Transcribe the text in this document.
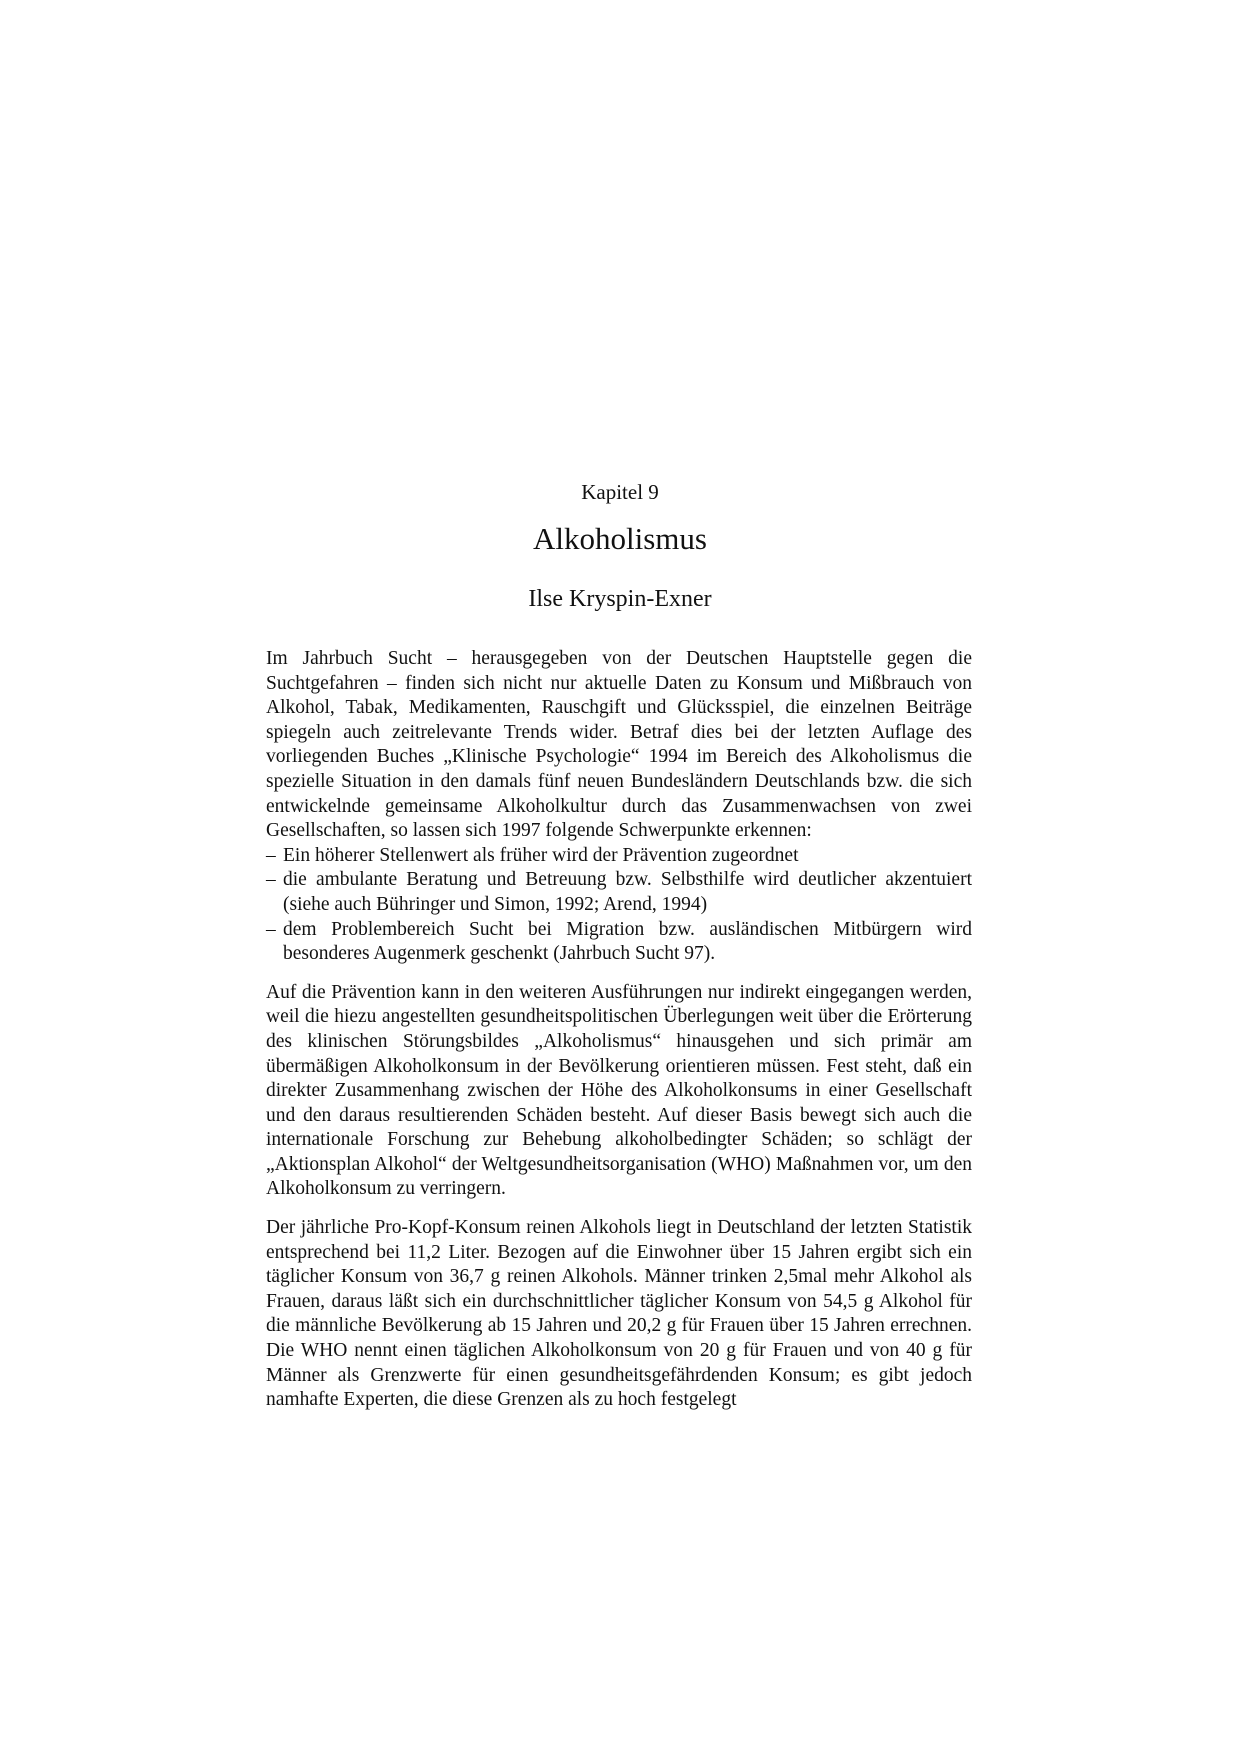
Kapitel 9
Alkoholismus
Ilse Kryspin-Exner

Im Jahrbuch Sucht – herausgegeben von der Deutschen Hauptstelle gegen die Suchtgefahren – finden sich nicht nur aktuelle Daten zu Konsum und Mißbrauch von Alkohol, Tabak, Medikamenten, Rauschgift und Glücksspiel, die einzelnen Beiträge spiegeln auch zeitrelevante Trends wider. Betraf dies bei der letzten Auflage des vorliegenden Buches „Klinische Psychologie“ 1994 im Bereich des Alkoholismus die spezielle Situation in den damals fünf neuen Bundesländern Deutschlands bzw. die sich entwickelnde gemeinsame Alkoholkultur durch das Zusammenwachsen von zwei Gesellschaften, so lassen sich 1997 folgende Schwerpunkte erkennen:

– Ein höherer Stellenwert als früher wird der Prävention zugeordnet
– die ambulante Beratung und Betreuung bzw. Selbsthilfe wird deutlicher akzentuiert (siehe auch Bühringer und Simon, 1992; Arend, 1994)
– dem Problembereich Sucht bei Migration bzw. ausländischen Mitbürgern wird besonderes Augenmerk geschenkt (Jahrbuch Sucht 97).

Auf die Prävention kann in den weiteren Ausführungen nur indirekt eingegangen werden, weil die hiezu angestellten gesundheitspolitischen Überlegungen weit über die Erörterung des klinischen Störungsbildes „Alkoholismus“ hinausgehen und sich primär am übermäßigen Alkoholkonsum in der Bevölkerung orientieren müssen. Fest steht, daß ein direkter Zusammenhang zwischen der Höhe des Alkoholkonsums in einer Gesellschaft und den daraus resultierenden Schäden besteht. Auf dieser Basis bewegt sich auch die internationale Forschung zur Behebung alkoholbedingter Schäden; so schlägt der „Aktionsplan Alkohol“ der Weltgesundheitsorganisation (WHO) Maßnahmen vor, um den Alkoholkonsum zu verringern.

Der jährliche Pro-Kopf-Konsum reinen Alkohols liegt in Deutschland der letzten Statistik entsprechend bei 11,2 Liter. Bezogen auf die Einwohner über 15 Jahren ergibt sich ein täglicher Konsum von 36,7 g reinen Alkohols. Männer trinken 2,5mal mehr Alkohol als Frauen, daraus läßt sich ein durchschnittlicher täglicher Konsum von 54,5 g Alkohol für die männliche Bevölkerung ab 15 Jahren und 20,2 g für Frauen über 15 Jahren errechnen. Die WHO nennt einen täglichen Alkoholkonsum von 20 g für Frauen und von 40 g für Männer als Grenzwerte für einen gesundheitsgefährdenden Konsum; es gibt jedoch namhafte Experten, die diese Grenzen als zu hoch festgelegt
